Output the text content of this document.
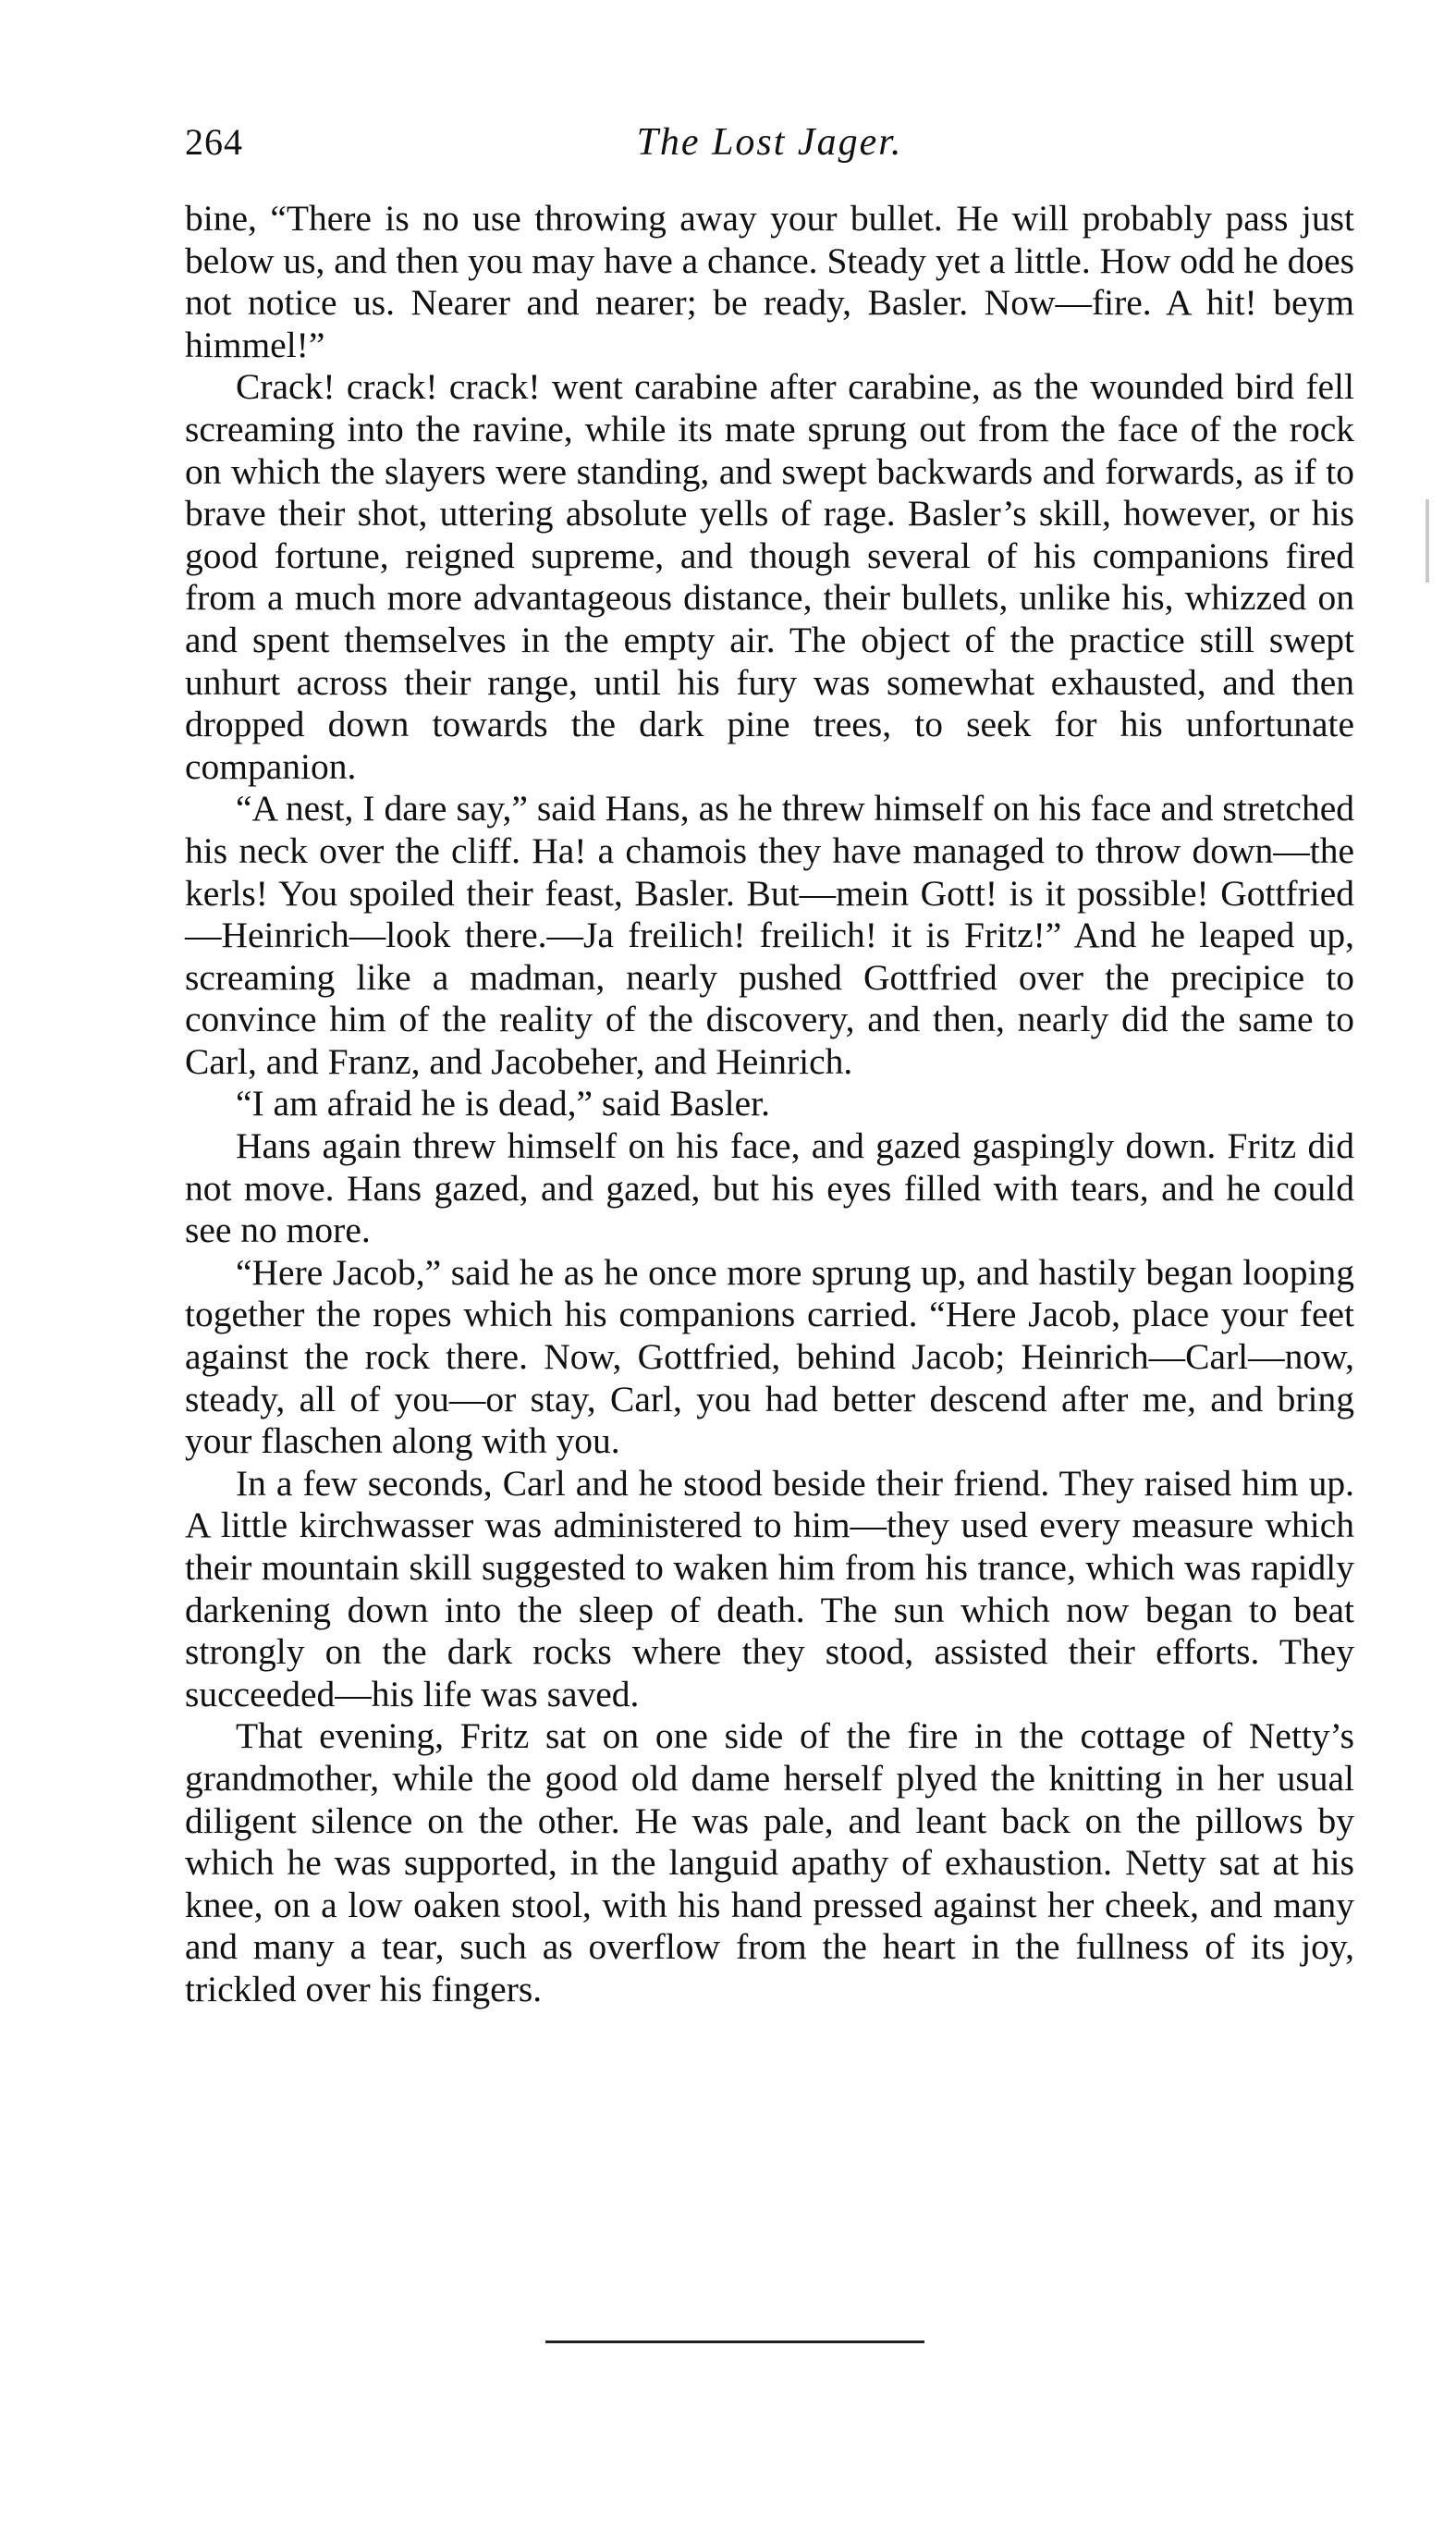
264	The Lost Jager.

bine, “There is no use throwing away your bullet. He will probably pass just below us, and then you may have a chance. Steady yet a little. How odd he does not notice us. Nearer and nearer; be ready, Basler. Now—fire. A hit! beym himmel!”

Crack! crack! crack! went carabine after carabine, as the wounded bird fell screaming into the ravine, while its mate sprung out from the face of the rock on which the slayers were standing, and swept backwards and forwards, as if to brave their shot, uttering absolute yells of rage. Basler’s skill, however, or his good fortune, reigned supreme, and though several of his companions fired from a much more advantageous distance, their bullets, unlike his, whizzed on and spent themselves in the empty air. The object of the practice still swept unhurt across their range, until his fury was somewhat exhausted, and then dropped down towards the dark pine trees, to seek for his unfortunate companion.

“A nest, I dare say,” said Hans, as he threw himself on his face and stretched his neck over the cliff. Ha! a chamois they have managed to throw down—the kerls! You spoiled their feast, Basler. But—mein Gott! is it possible! Gottfried—Heinrich—look there.—Ja freilich! freilich! it is Fritz!” And he leaped up, screaming like a madman, nearly pushed Gottfried over the precipice to convince him of the reality of the discovery, and then, nearly did the same to Carl, and Franz, and Jacobeher, and Heinrich.

“I am afraid he is dead,” said Basler.

Hans again threw himself on his face, and gazed gaspingly down. Fritz did not move. Hans gazed, and gazed, but his eyes filled with tears, and he could see no more.

“Here Jacob,” said he as he once more sprung up, and hastily began looping together the ropes which his companions carried. “Here Jacob, place your feet against the rock there. Now, Gottfried, behind Jacob; Heinrich—Carl—now, steady, all of you—or stay, Carl, you had better descend after me, and bring your flaschen along with you.

In a few seconds, Carl and he stood beside their friend. They raised him up. A little kirchwasser was administered to him—they used every measure which their mountain skill suggested to waken him from his trance, which was rapidly darkening down into the sleep of death. The sun which now began to beat strongly on the dark rocks where they stood, assisted their efforts. They succeeded—his life was saved.

That evening, Fritz sat on one side of the fire in the cottage of Netty’s grandmother, while the good old dame herself plyed the knitting in her usual diligent silence on the other. He was pale, and leant back on the pillows by which he was supported, in the languid apathy of exhaustion. Netty sat at his knee, on a low oaken stool, with his hand pressed against her cheek, and many and many a tear, such as overflow from the heart in the fullness of its joy, trickled over his fingers.
